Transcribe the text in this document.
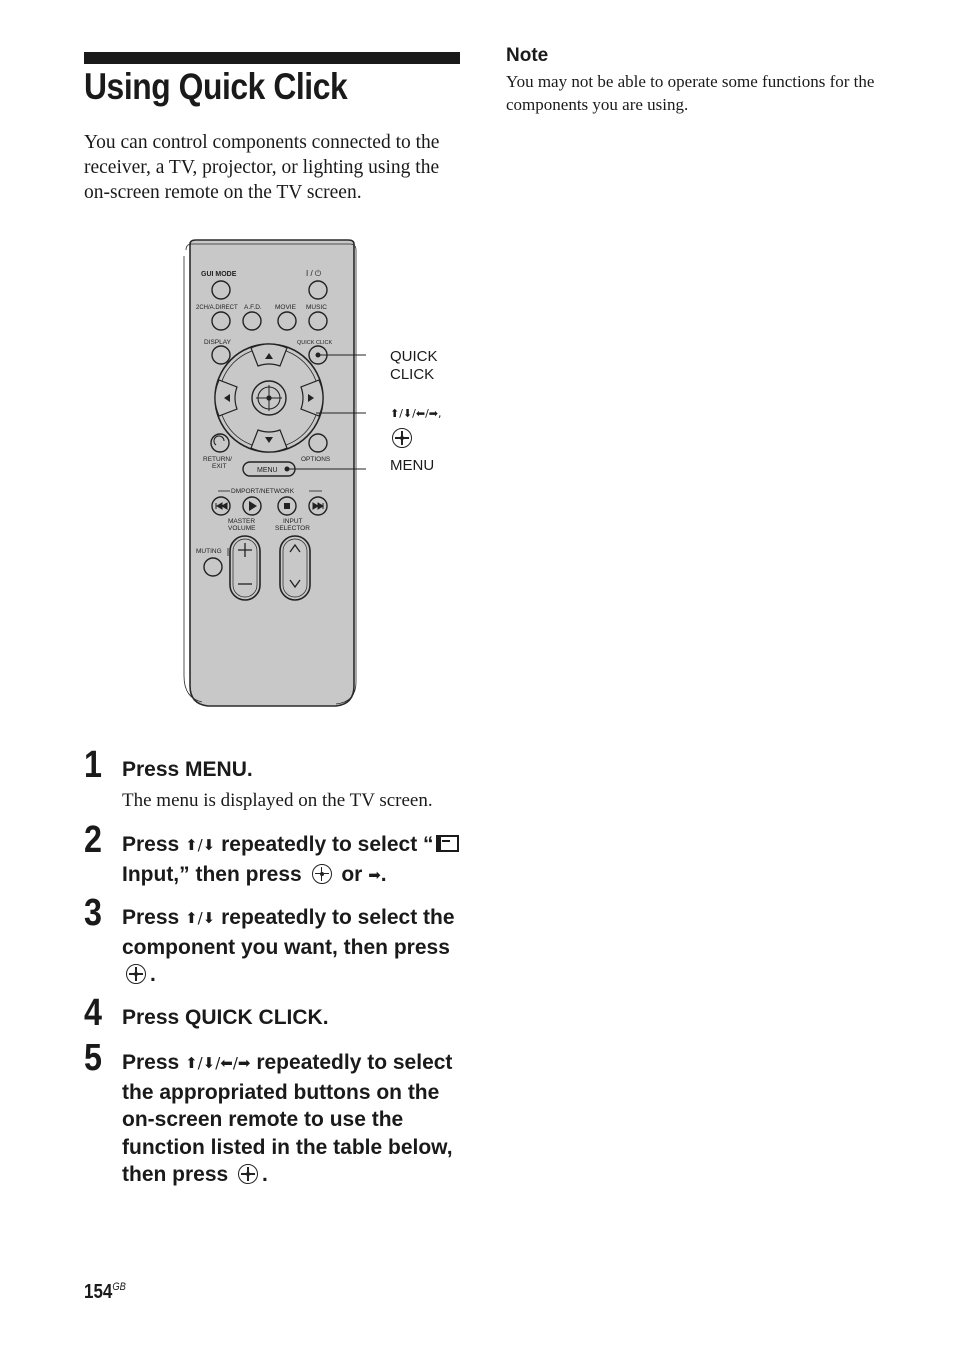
Using Quick Click

You can control components connected to the receiver, a TV, projector, or lighting using the on-screen remote on the TV screen.

Note

You may not be able to operate some functions for the components you are using.

GUI MODE	I / ⏻
2CH/A.DIRECT A.F.D. MOVIE MUSIC
DISPLAY	QUICK CLICK
RETURN/
EXIT
OPTIONS
MENU
DMPORT/NETWORK
MASTER
VOLUME
INPUT
SELECTOR
MUTING
QUICK
CLICK
⬆/⬇/⬅/➡,
MENU
1 Press MENU.

The menu is displayed on the TV screen.

2 Press ⬆/⬇ repeatedly to select “Input,” then press
or ➡.

3 Press ⬆/⬇ repeatedly to select the component you want, then press
.

4 Press QUICK CLICK.

5 Press ⬆/⬇/⬅/➡ repeatedly to select the appropriated buttons on the on-screen remote to use the function listed in the table below, then press
.

$154^{GB}$
